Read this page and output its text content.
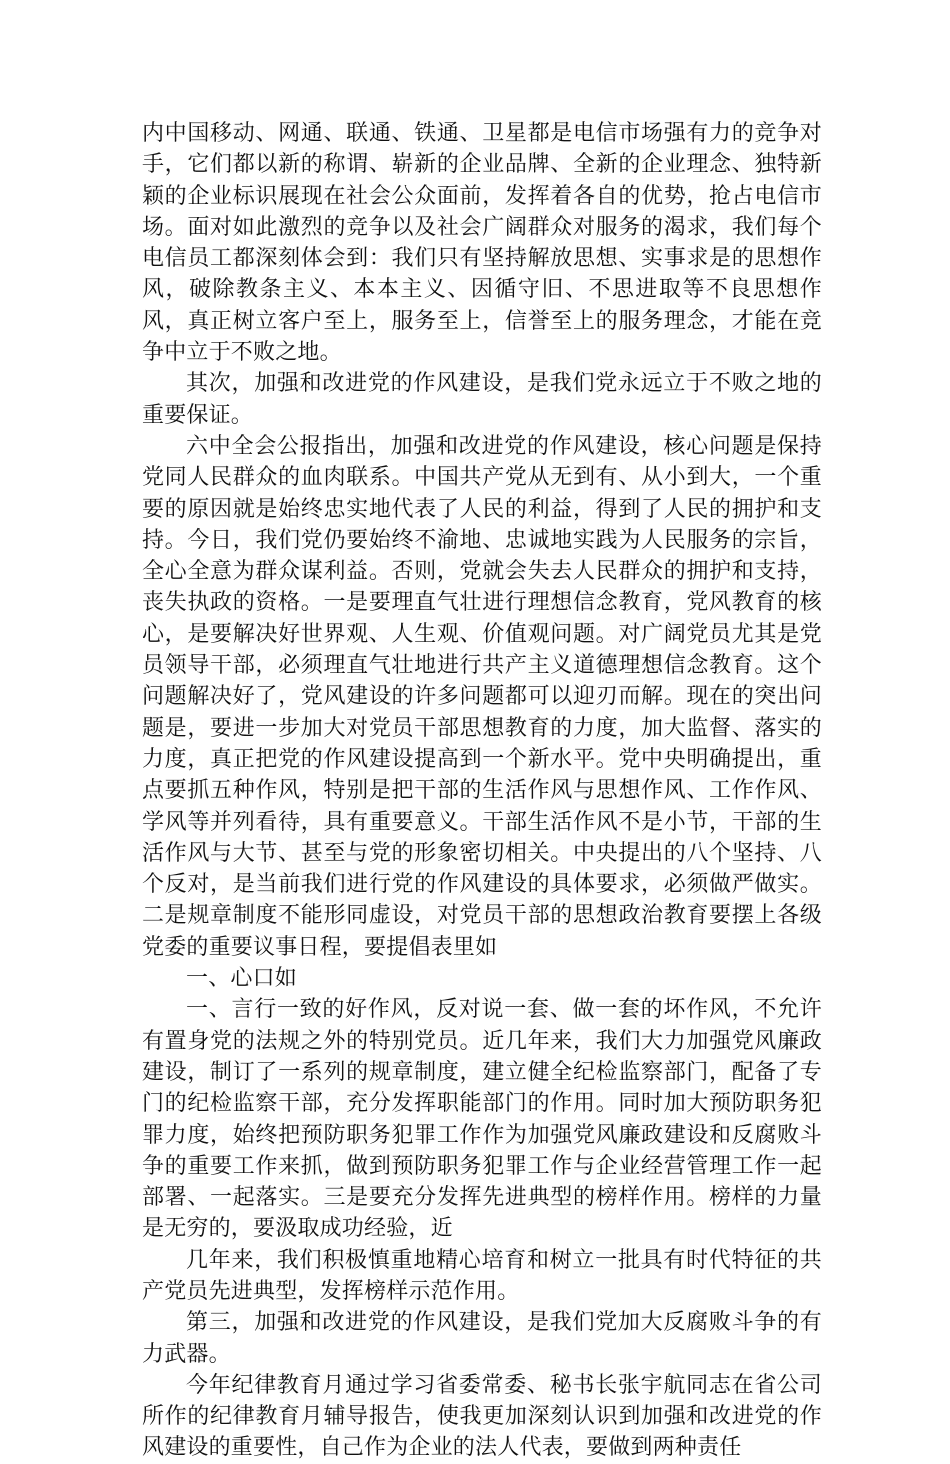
内中国移动、网通、联通、铁通、卫星都是电信市场强有力的竞争对手，它们都以新的称谓、崭新的企业品牌、全新的企业理念、独特新颖的企业标识展现在社会公众面前，发挥着各自的优势，抢占电信市场。面对如此激烈的竞争以及社会广阔群众对服务的渴求，我们每个电信员工都深刻体会到：我们只有坚持解放思想、实事求是的思想作风，破除教条主义、本本主义、因循守旧、不思进取等不良思想作风，真正树立客户至上，服务至上，信誉至上的服务理念，才能在竞争中立于不败之地。

其次，加强和改进党的作风建设，是我们党永远立于不败之地的重要保证。

六中全会公报指出，加强和改进党的作风建设，核心问题是保持党同人民群众的血肉联系。中国共产党从无到有、从小到大，一个重要的原因就是始终忠实地代表了人民的利益，得到了人民的拥护和支持。今日，我们党仍要始终不渝地、忠诚地实践为人民服务的宗旨，全心全意为群众谋利益。否则，党就会失去人民群众的拥护和支持，丧失执政的资格。一是要理直气壮进行理想信念教育，党风教育的核心，是要解决好世界观、人生观、价值观问题。对广阔党员尤其是党员领导干部，必须理直气壮地进行共产主义道德理想信念教育。这个问题解决好了，党风建设的许多问题都可以迎刃而解。现在的突出问题是，要进一步加大对党员干部思想教育的力度，加大监督、落实的力度，真正把党的作风建设提高到一个新水平。党中央明确提出，重点要抓五种作风，特别是把干部的生活作风与思想作风、工作作风、学风等并列看待，具有重要意义。干部生活作风不是小节，干部的生活作风与大节、甚至与党的形象密切相关。中央提出的八个坚持、八个反对，是当前我们进行党的作风建设的具体要求，必须做严做实。二是规章制度不能形同虚设，对党员干部的思想政治教育要摆上各级党委的重要议事日程，要提倡表里如

一、心口如

一、言行一致的好作风，反对说一套、做一套的坏作风，不允许有置身党的法规之外的特别党员。近几年来，我们大力加强党风廉政建设，制订了一系列的规章制度，建立健全纪检监察部门，配备了专门的纪检监察干部，充分发挥职能部门的作用。同时加大预防职务犯罪力度，始终把预防职务犯罪工作作为加强党风廉政建设和反腐败斗争的重要工作来抓，做到预防职务犯罪工作与企业经营管理工作一起部署、一起落实。三是要充分发挥先进典型的榜样作用。榜样的力量是无穷的，要汲取成功经验，近

几年来，我们积极慎重地精心培育和树立一批具有时代特征的共产党员先进典型，发挥榜样示范作用。

第三，加强和改进党的作风建设，是我们党加大反腐败斗争的有力武器。

今年纪律教育月通过学习省委常委、秘书长张宇航同志在省公司所作的纪律教育月辅导报告，使我更加深刻认识到加强和改进党的作风建设的重要性，自己作为企业的法人代表，要做到两种责任
